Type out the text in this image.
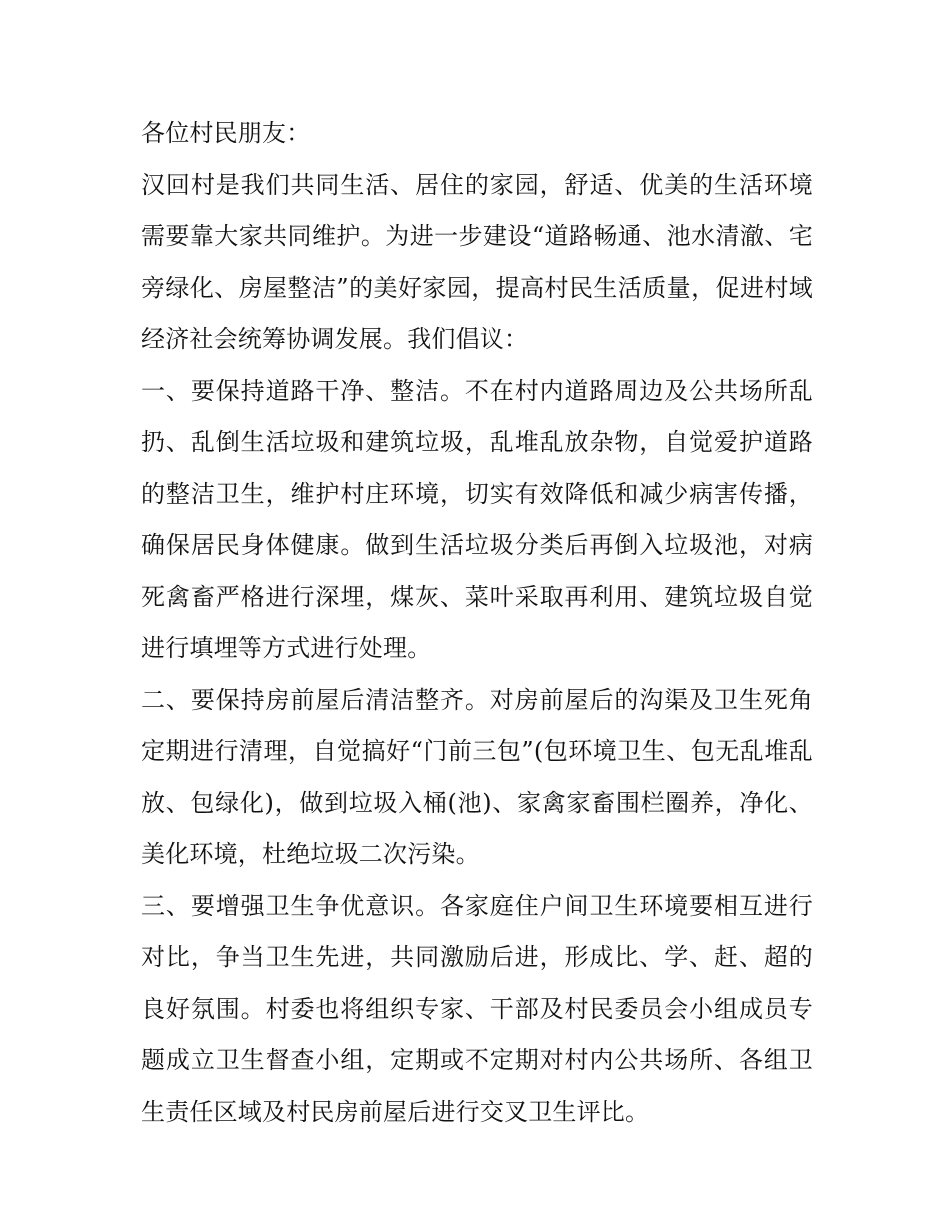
各位村民朋友：

汉回村是我们共同生活、居住的家园，舒适、优美的生活环境需要靠大家共同维护。为进一步建设“道路畅通、池水清澈、宅旁绿化、房屋整洁”的美好家园，提高村民生活质量，促进村域经济社会统筹协调发展。我们倡议：

一、要保持道路干净、整洁。不在村内道路周边及公共场所乱扔、乱倒生活垃圾和建筑垃圾，乱堆乱放杂物，自觉爱护道路的整洁卫生，维护村庄环境，切实有效降低和减少病害传播，确保居民身体健康。做到生活垃圾分类后再倒入垃圾池，对病死禽畜严格进行深埋，煤灰、菜叶采取再利用、建筑垃圾自觉进行填埋等方式进行处理。

二、要保持房前屋后清洁整齐。对房前屋后的沟渠及卫生死角定期进行清理，自觉搞好“门前三包”(包环境卫生、包无乱堆乱放、包绿化)，做到垃圾入桶(池)、家禽家畜围栏圈养，净化、美化环境，杜绝垃圾二次污染。

三、要增强卫生争优意识。各家庭住户间卫生环境要相互进行对比，争当卫生先进，共同激励后进，形成比、学、赶、超的良好氛围。村委也将组织专家、干部及村民委员会小组成员专题成立卫生督查小组，定期或不定期对村内公共场所、各组卫生责任区域及村民房前屋后进行交叉卫生评比。
